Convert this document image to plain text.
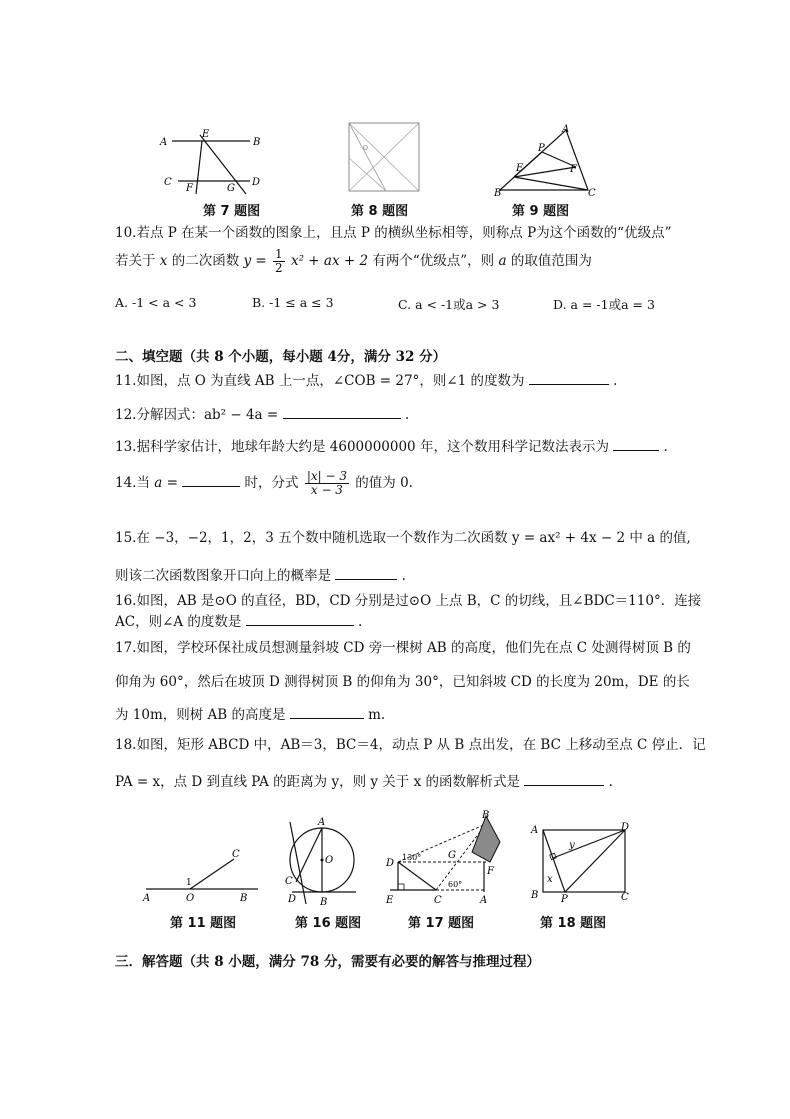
A
E
B
C
F	G
D
第 7 题图
O
第 8 题图
A
P
E	F
B	C
第 9 题图
10.若点 P 在某一个函数的图象上，且点 P 的横纵坐标相等，则称点 P为这个函数的“优级点”
若关于 x 的二次函数 $y = \frac{1}{2} x^2$ + ax + 2 有两个“优级点”，则 a 的取值范围为
A. -1 < a < 3	B. -1 ≤ a ≤ 3	C. a < -1或a > 3	D. a = -1或a = 3
二、填空题（共 8 个小题，每小题 4分，满分 32 分）
11.如图，点 O 为直线 AB 上一点，∠COB = 27°，则∠1 的度数为	.
12.分解因式：ab² − 4a =	.
13.据科学家估计，地球年龄大约是 4600000000 年，这个数用科学记数法表示为	.
14.当 a =	时，分式 $\frac{|x| - 3}{x - 3}$ 的值为 0.
15.在 −3，−2，1，2，3 五个数中随机选取一个数作为二次函数 y = ax² + 4x − 2 中 a 的值,
则该二次函数图象开口向上的概率是	.
16.如图，AB 是⊙O 的直径，BD，CD 分别是过⊙O 上点 B，C 的切线，且∠BDC＝110°．连接
AC，则∠A 的度数是	.
17.如图，学校环保社成员想测量斜坡 CD 旁一棵树 AB 的高度，他们先在点 C 处测得树顶 B 的
仰角为 60°，然后在坡顶 D 测得树顶 B 的仰角为 30°，已知斜坡 CD 的长度为 20m，DE 的长
为 10m，则树 AB 的高度是	m.
18.如图，矩形 ABCD 中，AB＝3，BC＝4，动点 P 从 B 点出发，在 BC 上移动至点 C 停止．记
PA = x，点 D 到直线 PA 的距离为 y，则 y 关于 x 的函数解析式是	.
C
1
A	O	B
第 11 题图
A
O
C
D B
第 16 题图
B
D
130°	G
F
E	C
60°
A
第 17 题图
A	D
y
x
B P	C
第 18 题图
三．解答题（共 8 小题，满分 78 分，需要有必要的解答与推理过程）
